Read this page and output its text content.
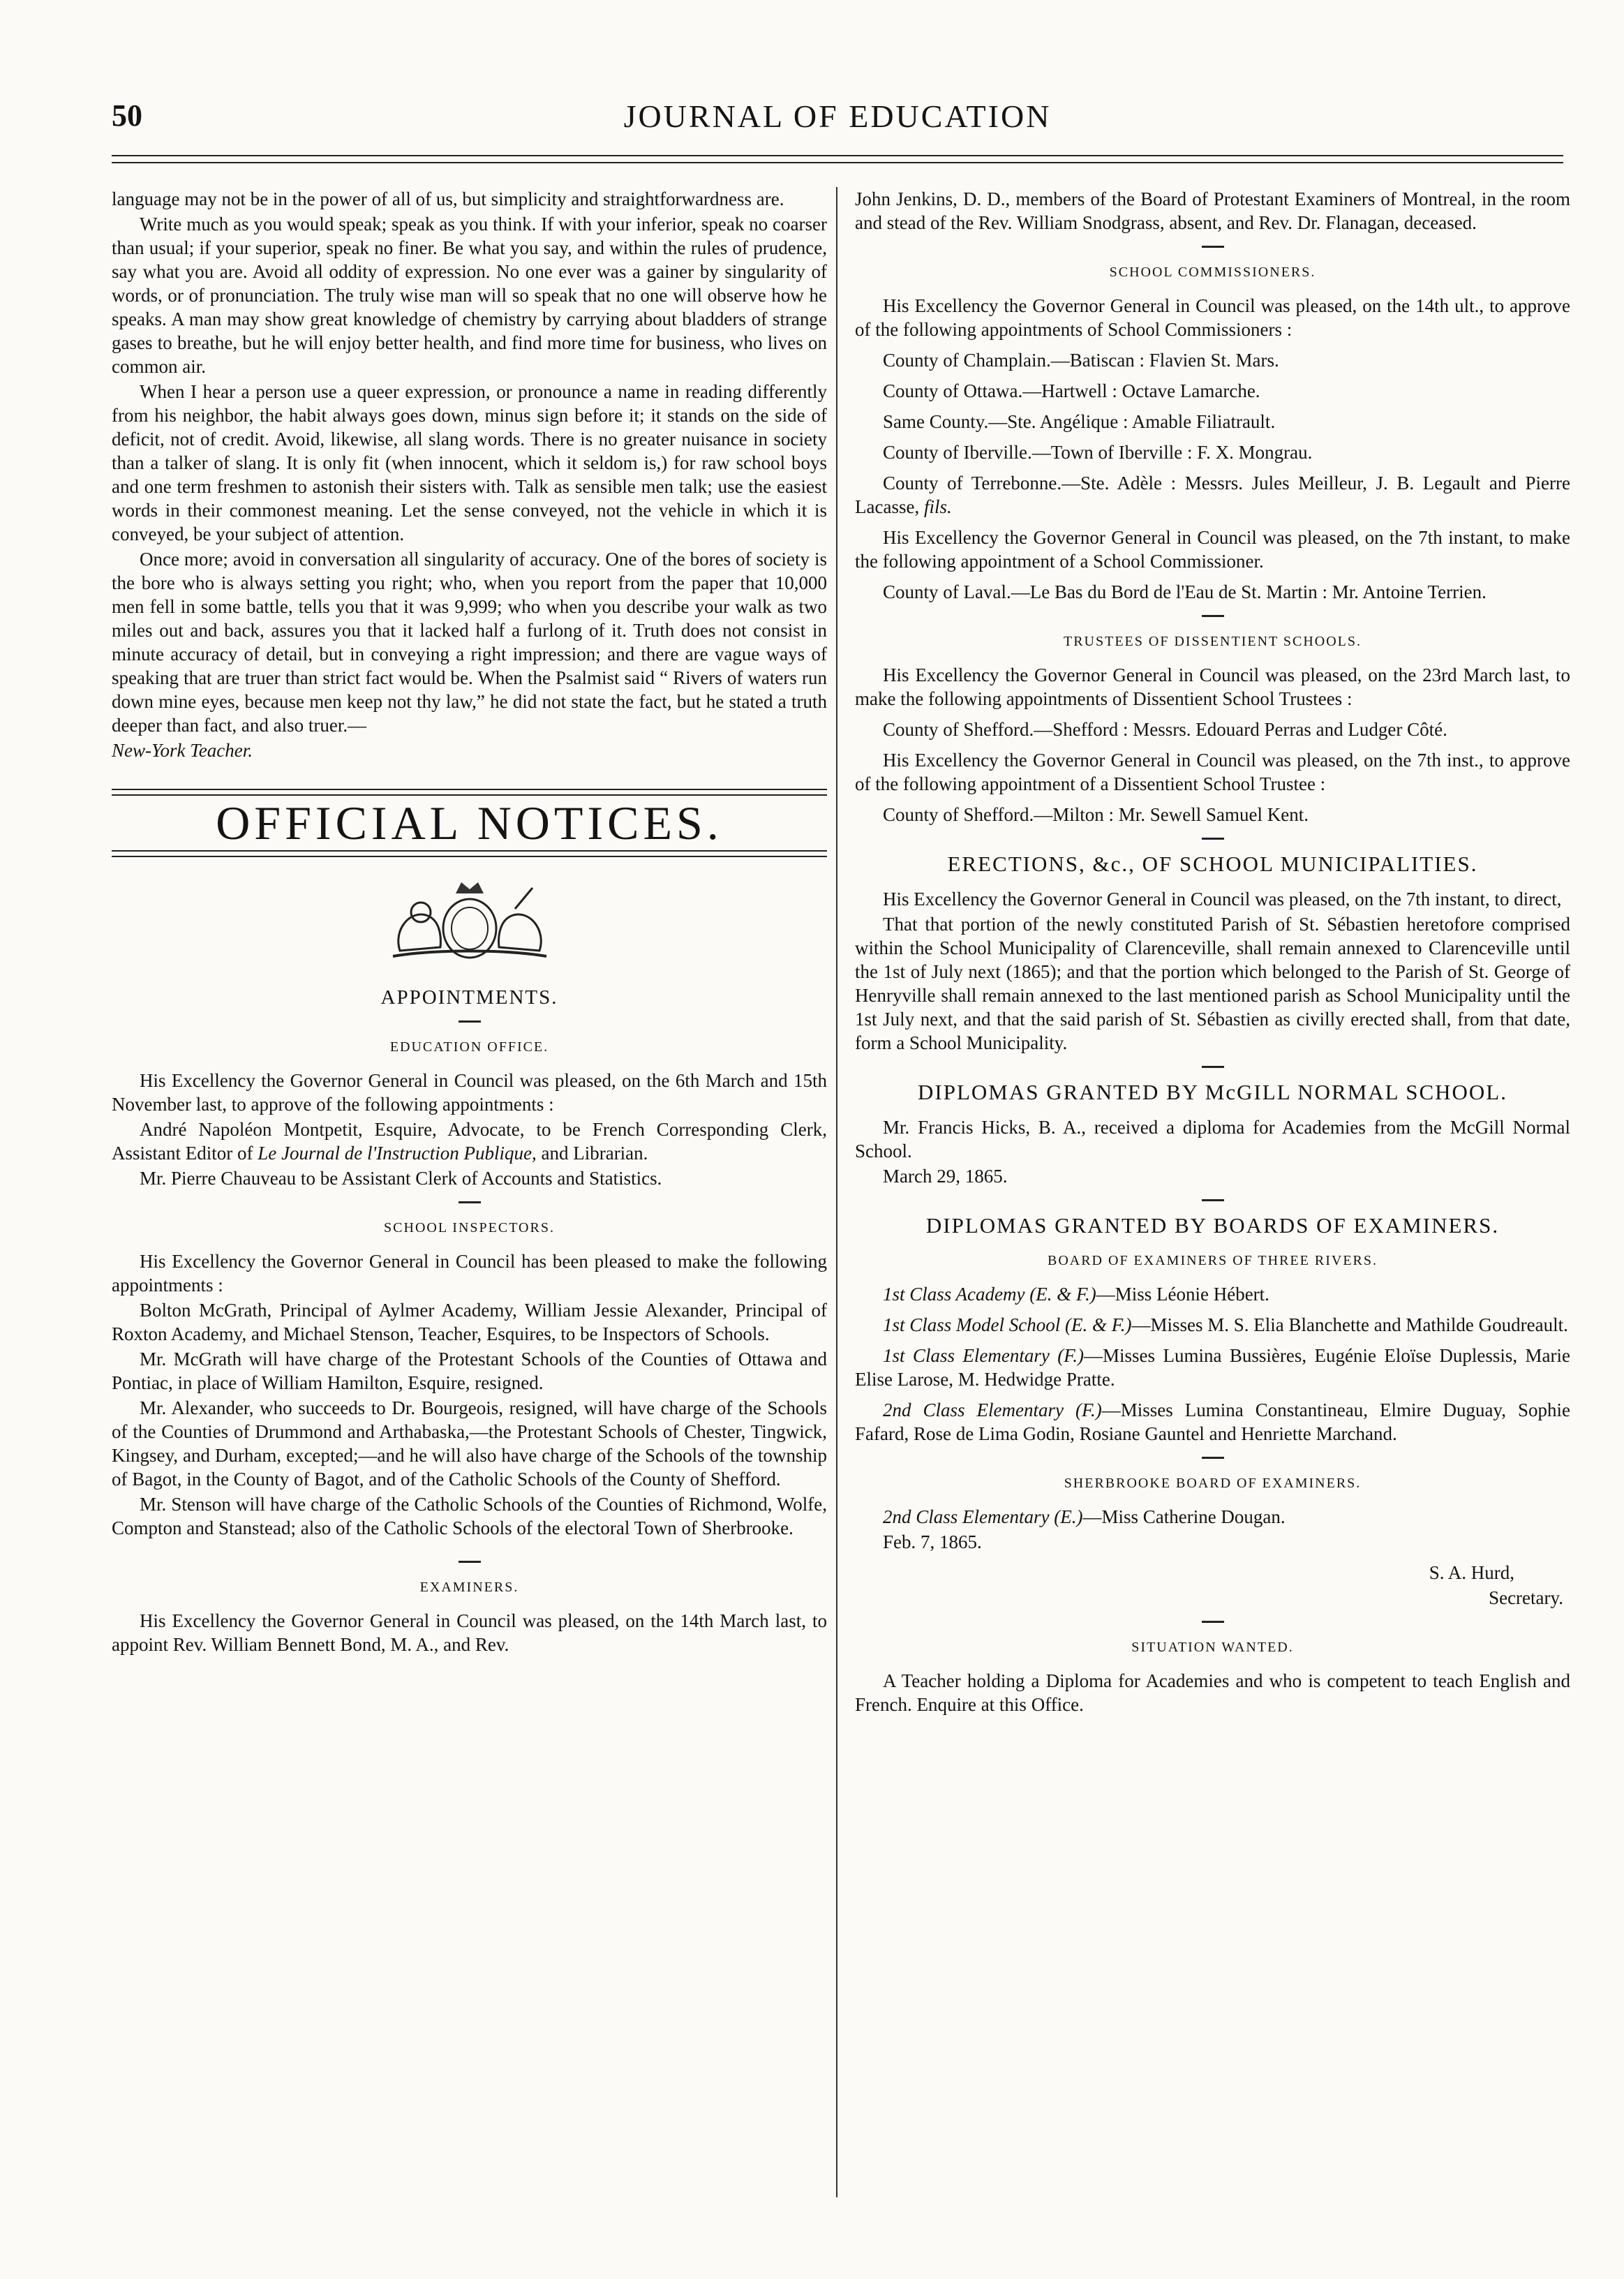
50	JOURNAL OF EDUCATION

language may not be in the power of all of us, but simplicity and straightforwardness are.

Write much as you would speak; speak as you think. If with your inferior, speak no coarser than usual; if your superior, speak no finer. Be what you say, and within the rules of prudence, say what you are. Avoid all oddity of expression. No one ever was a gainer by singularity of words, or of pronunciation. The truly wise man will so speak that no one will observe how he speaks. A man may show great knowledge of chemistry by carrying about bladders of strange gases to breathe, but he will enjoy better health, and find more time for business, who lives on common air.

When I hear a person use a queer expression, or pronounce a name in reading differently from his neighbor, the habit always goes down, minus sign before it; it stands on the side of deficit, not of credit. Avoid, likewise, all slang words. There is no greater nuisance in society than a talker of slang. It is only fit (when innocent, which it seldom is,) for raw school boys and one term freshmen to astonish their sisters with. Talk as sensible men talk; use the easiest words in their commonest meaning. Let the sense conveyed, not the vehicle in which it is conveyed, be your subject of attention.

Once more; avoid in conversation all singularity of accuracy. One of the bores of society is the bore who is always setting you right; who, when you report from the paper that 10,000 men fell in some battle, tells you that it was 9,999; who when you describe your walk as two miles out and back, assures you that it lacked half a furlong of it. Truth does not consist in minute accuracy of detail, but in conveying a right impression; and there are vague ways of speaking that are truer than strict fact would be. When the Psalmist said “ Rivers of waters run down mine eyes, because men keep not thy law,” he did not state the fact, but he stated a truth deeper than fact, and also truer.—

New-York Teacher.

OFFICIAL NOTICES.
APPOINTMENTS.
EDUCATION OFFICE.

His Excellency the Governor General in Council was pleased, on the 6th March and 15th November last, to approve of the following appointments :

André Napoléon Montpetit, Esquire, Advocate, to be French Corresponding Clerk, Assistant Editor of Le Journal de l'Instruction Publique, and Librarian.

Mr. Pierre Chauveau to be Assistant Clerk of Accounts and Statistics.

SCHOOL INSPECTORS.

His Excellency the Governor General in Council has been pleased to make the following appointments :

Bolton McGrath, Principal of Aylmer Academy, William Jessie Alexander, Principal of Roxton Academy, and Michael Stenson, Teacher, Esquires, to be Inspectors of Schools.

Mr. McGrath will have charge of the Protestant Schools of the Counties of Ottawa and Pontiac, in place of William Hamilton, Esquire, resigned.

Mr. Alexander, who succeeds to Dr. Bourgeois, resigned, will have charge of the Schools of the Counties of Drummond and Arthabaska,—the Protestant Schools of Chester, Tingwick, Kingsey, and Durham, excepted;—and he will also have charge of the Schools of the township of Bagot, in the County of Bagot, and of the Catholic Schools of the County of Shefford.

Mr. Stenson will have charge of the Catholic Schools of the Counties of Richmond, Wolfe, Compton and Stanstead; also of the Catholic Schools of the electoral Town of Sherbrooke.

EXAMINERS.

His Excellency the Governor General in Council was pleased, on the 14th March last, to appoint Rev. William Bennett Bond, M. A., and Rev.

John Jenkins, D. D., members of the Board of Protestant Examiners of Montreal, in the room and stead of the Rev. William Snodgrass, absent, and Rev. Dr. Flanagan, deceased.

SCHOOL COMMISSIONERS.

His Excellency the Governor General in Council was pleased, on the 14th ult., to approve of the following appointments of School Commissioners :

County of Champlain.—Batiscan : Flavien St. Mars.

County of Ottawa.—Hartwell : Octave Lamarche.

Same County.—Ste. Angélique : Amable Filiatrault.

County of Iberville.—Town of Iberville : F. X. Mongrau.

County of Terrebonne.—Ste. Adèle : Messrs. Jules Meilleur, J. B. Legault and Pierre Lacasse, fils.

His Excellency the Governor General in Council was pleased, on the 7th instant, to make the following appointment of a School Commissioner.

County of Laval.—Le Bas du Bord de l'Eau de St. Martin : Mr. Antoine Terrien.

TRUSTEES OF DISSENTIENT SCHOOLS.

His Excellency the Governor General in Council was pleased, on the 23rd March last, to make the following appointments of Dissentient School Trustees :

County of Shefford.—Shefford : Messrs. Edouard Perras and Ludger Côté.

His Excellency the Governor General in Council was pleased, on the 7th inst., to approve of the following appointment of a Dissentient School Trustee :

County of Shefford.—Milton : Mr. Sewell Samuel Kent.

ERECTIONS, &c., OF SCHOOL MUNICIPALITIES.

His Excellency the Governor General in Council was pleased, on the 7th instant, to direct,

That that portion of the newly constituted Parish of St. Sébastien heretofore comprised within the School Municipality of Clarenceville, shall remain annexed to Clarenceville until the 1st of July next (1865); and that the portion which belonged to the Parish of St. George of Henryville shall remain annexed to the last mentioned parish as School Municipality until the 1st July next, and that the said parish of St. Sébastien as civilly erected shall, from that date, form a School Municipality.

DIPLOMAS GRANTED BY McGILL NORMAL SCHOOL.

Mr. Francis Hicks, B. A., received a diploma for Academies from the McGill Normal School.

March 29, 1865.

DIPLOMAS GRANTED BY BOARDS OF EXAMINERS.
BOARD OF EXAMINERS OF THREE RIVERS.

1st Class Academy (E. & F.)—Miss Léonie Hébert.

1st Class Model School (E. & F.)—Misses M. S. Elia Blanchette and Mathilde Goudreault.

1st Class Elementary (F.)—Misses Lumina Bussières, Eugénie Eloïse Duplessis, Marie Elise Larose, M. Hedwidge Pratte.

2nd Class Elementary (F.)—Misses Lumina Constantineau, Elmire Duguay, Sophie Fafard, Rose de Lima Godin, Rosiane Gauntel and Henriette Marchand.

SHERBROOKE BOARD OF EXAMINERS.

2nd Class Elementary (E.)—Miss Catherine Dougan.

Feb. 7, 1865.

S. A. Hurd,

Secretary.

SITUATION WANTED.

A Teacher holding a Diploma for Academies and who is competent to teach English and French. Enquire at this Office.
